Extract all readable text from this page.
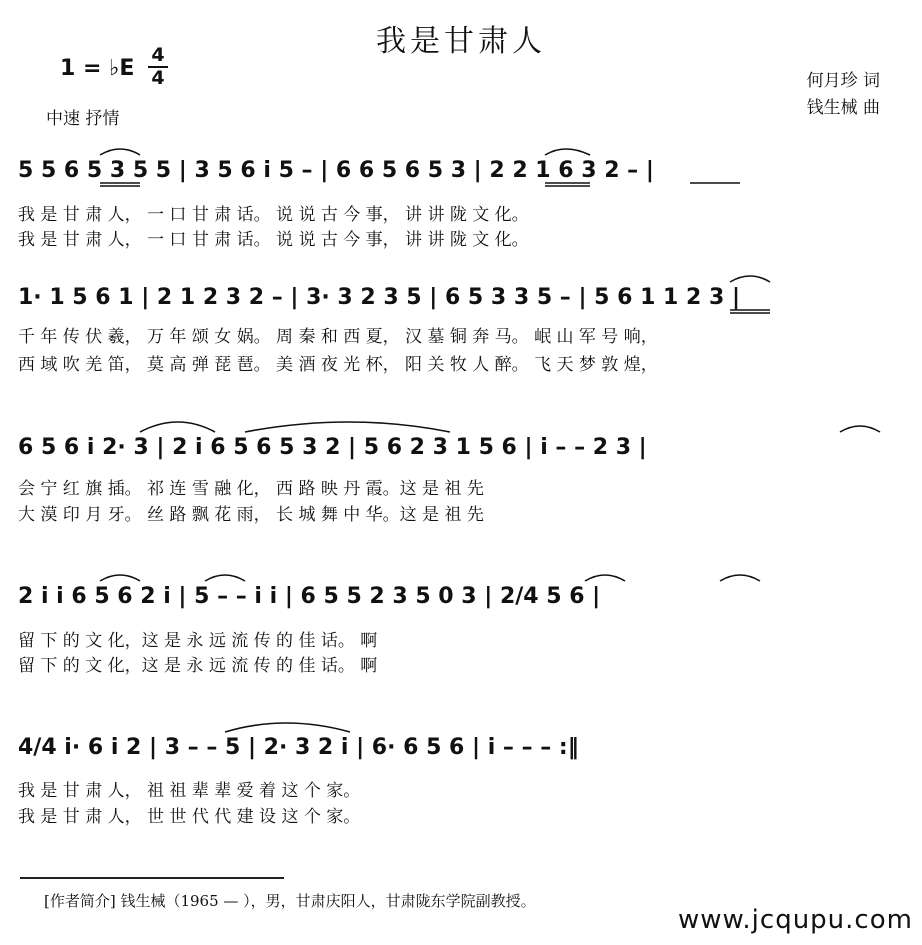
我是甘肃人
1 = ♭E
4
4
中速 抒情
何月珍 词
钱生械 曲
5 5 6 5 3 5 5 | 3 5 6 i 5 – | 6 6 5 6 5 3 | 2 2 1 6 3 2 – |
我 是 甘 肃 人， 一 口 甘 肃 话。 说 说 古 今 事， 讲 讲 陇 文 化。
我 是 甘 肃 人， 一 口 甘 肃 话。 说 说 古 今 事， 讲 讲 陇 文 化。
1· 1 5 6 1 | 2 1 2 3 2 – | 3· 3 2 3 5 | 6 5 3 3 5 – | 5 6 1 1 2 3 |
千 年 传 伏 羲， 万 年 颂 女 娲。 周 秦 和 西 夏， 汉 墓 铜 奔 马。 岷 山 军 号 响，
西 域 吹 羌 笛， 莫 高 弹 琵 琶。 美 酒 夜 光 杯， 阳 关 牧 人 醉。 飞 天 梦 敦 煌，
6 5 6 i 2· 3 | 2 i 6 5 6 5 3 2 | 5 6 2 3 1 5 6 | i – – 2 3 |
会 宁 红 旗 插。 祁 连 雪 融 化， 西 路 映 丹 霞。这 是 祖 先
大 漠 印 月 牙。 丝 路 飘 花 雨， 长 城 舞 中 华。这 是 祖 先
2 i i 6 5 6 2 i | 5 – – i i | 6 5 5 2 3 5 0 3 | 2/4 5 6 |
留 下 的 文 化，这 是 永 远 流 传 的 佳 话。 啊
留 下 的 文 化，这 是 永 远 流 传 的 佳 话。 啊
4/4 i· 6 i 2 | 3 – – 5 | 2· 3 2 i | 6· 6 5 6 | i – – – :‖
我 是 甘 肃 人， 祖 祖 辈 辈 爱 着 这 个 家。
我 是 甘 肃 人， 世 世 代 代 建 设 这 个 家。
[作者简介] 钱生械（1965 — ），男，甘肃庆阳人，甘肃陇东学院副教授。
www.jcqupu.com
